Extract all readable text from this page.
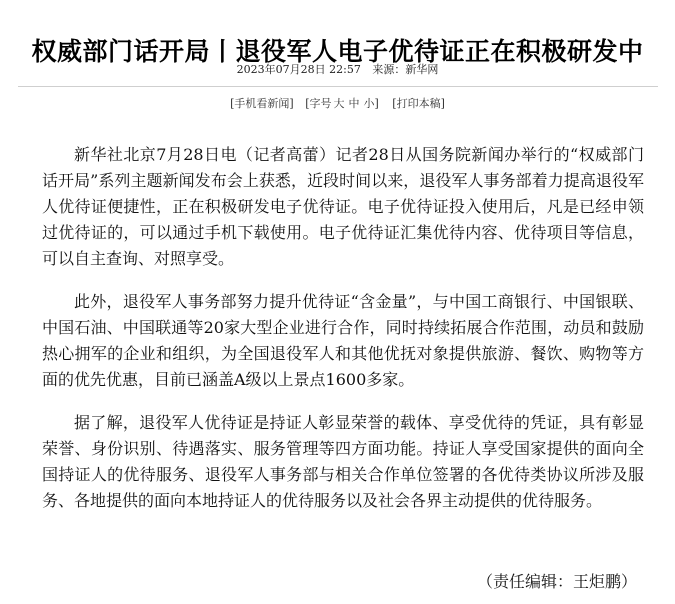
权威部门话开局丨退役军人电子优待证正在积极研发中
2023年07月28日 22:57 来源：新华网
[手机看新闻] [字号 大 中 小] [打印本稿]

新华社北京7月28日电（记者高蕾）记者28日从国务院新闻办举行的“权威部门话开局”系列主题新闻发布会上获悉，近段时间以来，退役军人事务部着力提高退役军人优待证便捷性，正在积极研发电子优待证。电子优待证投入使用后，凡是已经申领过优待证的，可以通过手机下载使用。电子优待证汇集优待内容、优待项目等信息，可以自主查询、对照享受。

此外，退役军人事务部努力提升优待证“含金量”，与中国工商银行、中国银联、中国石油、中国联通等20家大型企业进行合作，同时持续拓展合作范围，动员和鼓励热心拥军的企业和组织，为全国退役军人和其他优抚对象提供旅游、餐饮、购物等方面的优先优惠，目前已涵盖A级以上景点1600多家。

据了解，退役军人优待证是持证人彰显荣誉的载体、享受优待的凭证，具有彰显荣誉、身份识别、待遇落实、服务管理等四方面功能。持证人享受国家提供的面向全国持证人的优待服务、退役军人事务部与相关合作单位签署的各优待类协议所涉及服务、各地提供的面向本地持证人的优待服务以及社会各界主动提供的优待服务。

（责任编辑：王炬鹏）
